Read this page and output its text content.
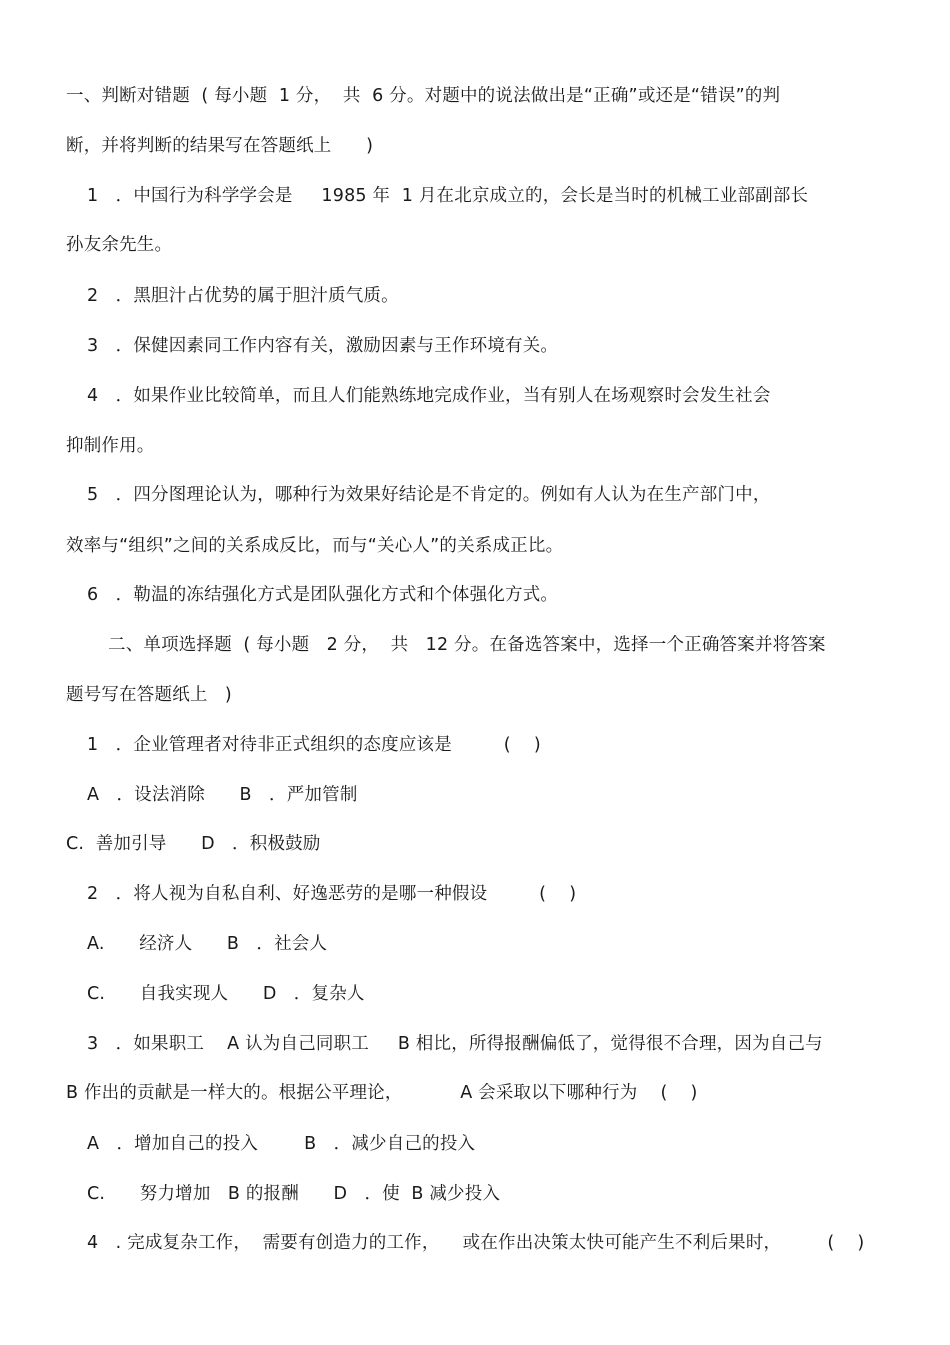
一、判断对错题  ( 每小题  1 分，  共  6 分。对题中的说法做出是“正确”或还是“错误”的判
断，并将判断的结果写在答题纸上      )
1   ．中国行为科学学会是     1985 年  1 月在北京成立的，会长是当时的机械工业部副部长
孙友余先生。
2   ．黑胆汁占优势的属于胆汁质气质。
3   ．保健因素同工作内容有关，激励因素与王作环境有关。
4   ．如果作业比较简单，而且人们能熟练地完成作业，当有别人在场观察时会发生社会
抑制作用。
5   ．四分图理论认为，哪种行为效果好结论是不肯定的。例如有人认为在生产部门中，
效率与“组织”之间的关系成反比，而与“关心人”的关系成正比。
6   ．勒温的冻结强化方式是团队强化方式和个体强化方式。
二、单项选择题  ( 每小题   2 分，  共   12 分。在备选答案中，选择一个正确答案并将答案
题号写在答题纸上   )
1   ．企业管理者对待非正式组织的态度应该是         (    )
A   ．设法消除      B   ．严加管制
C.  善加引导      D   ．积极鼓励
2   ．将人视为自私自利、好逸恶劳的是哪一种假设         (    )
A.      经济人      B   ．社会人
C.      自我实现人      D   ．复杂人
3   ．如果职工    A 认为自己同职工     B 相比，所得报酬偏低了，觉得很不合理，因为自己与
B 作出的贡献是一样大的。根据公平理论，          A 会采取以下哪种行为    (    )
A   ．增加自己的投入        B   ．减少自己的投入
C.      努力增加   B 的报酬      D   ．使  B 减少投入
4   . 完成复杂工作，  需要有创造力的工作，    或在作出决策太快可能产生不利后果时，        (    )
